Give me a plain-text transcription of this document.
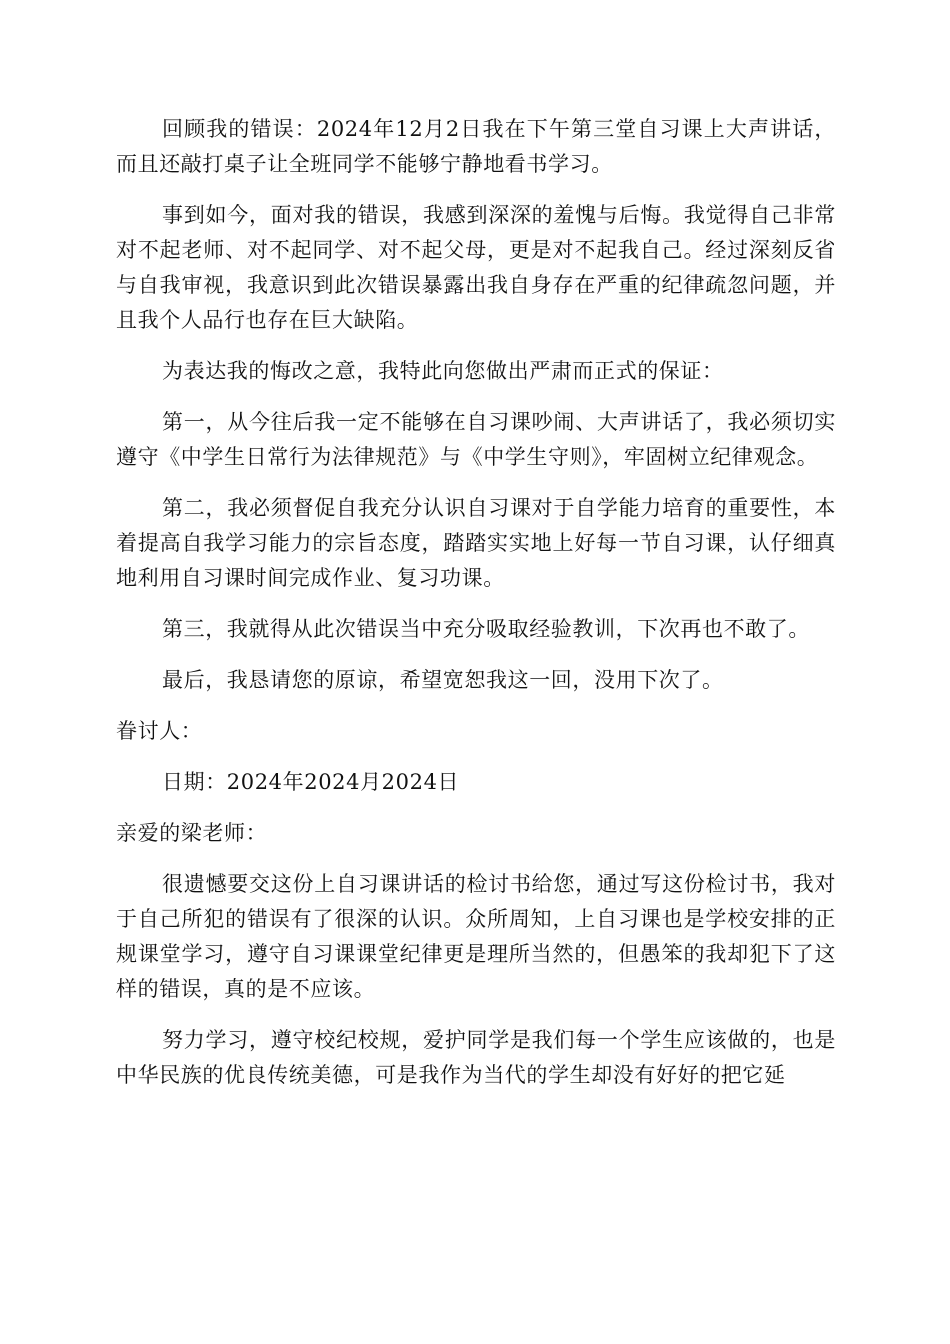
回顾我的错误：2024年12月2日我在下午第三堂自习课上大声讲话，而且还敲打桌子让全班同学不能够宁静地看书学习。

事到如今，面对我的错误，我感到深深的羞愧与后悔。我觉得自己非常对不起老师、对不起同学、对不起父母，更是对不起我自己。经过深刻反省与自我审视，我意识到此次错误暴露出我自身存在严重的纪律疏忽问题，并且我个人品行也存在巨大缺陷。

为表达我的悔改之意，我特此向您做出严肃而正式的保证：

第一，从今往后我一定不能够在自习课吵闹、大声讲话了，我必须切实遵守《中学生日常行为法律规范》与《中学生守则》，牢固树立纪律观念。

第二，我必须督促自我充分认识自习课对于自学能力培育的重要性，本着提高自我学习能力的宗旨态度，踏踏实实地上好每一节自习课，认仔细真地利用自习课时间完成作业、复习功课。

第三，我就得从此次错误当中充分吸取经验教训，下次再也不敢了。

最后，我恳请您的原谅，希望宽恕我这一回，没用下次了。

眷讨人：

日期：2024年2024月2024日

亲爱的梁老师：

很遗憾要交这份上自习课讲话的检讨书给您，通过写这份检讨书，我对于自己所犯的错误有了很深的认识。众所周知，上自习课也是学校安排的正规课堂学习，遵守自习课课堂纪律更是理所当然的，但愚笨的我却犯下了这样的错误，真的是不应该。

努力学习，遵守校纪校规，爱护同学是我们每一个学生应该做的，也是中华民族的优良传统美德，可是我作为当代的学生却没有好好的把它延
